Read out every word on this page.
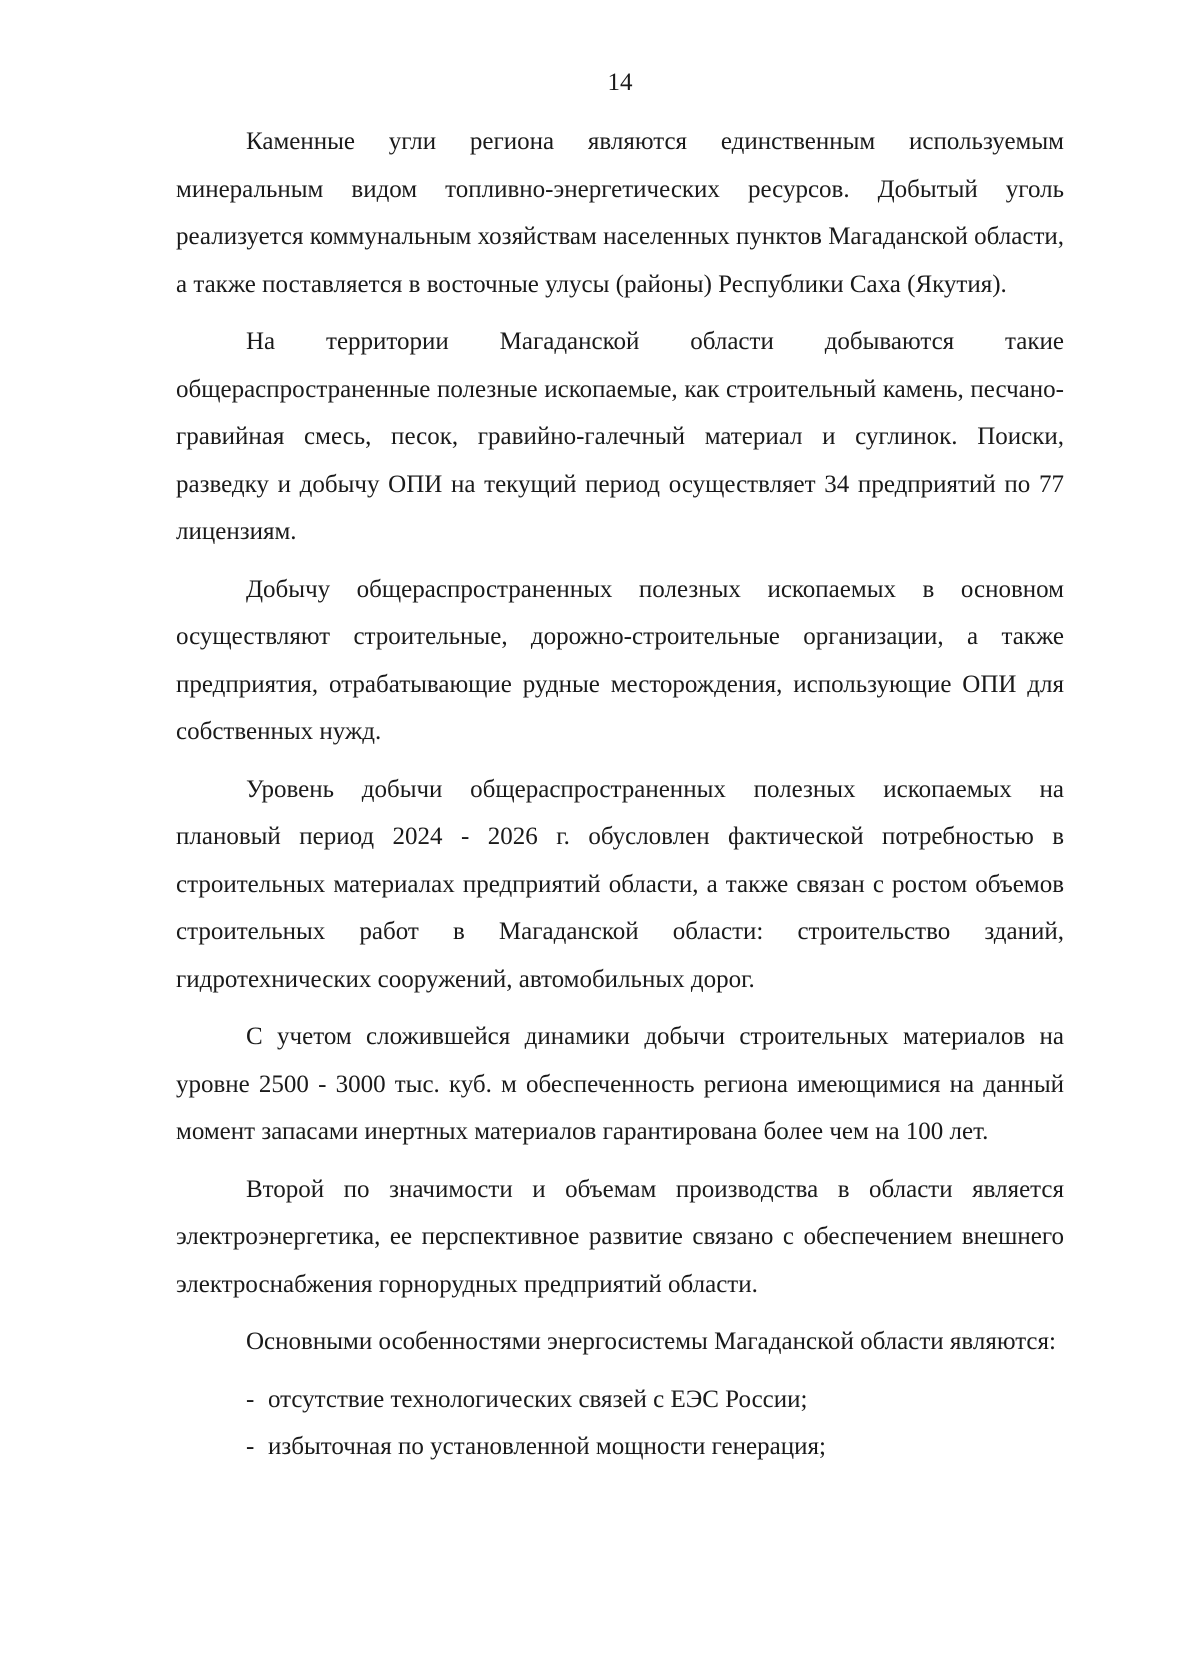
14

Каменные угли региона являются единственным используемым минеральным видом топливно-энергетических ресурсов. Добытый уголь реализуется коммунальным хозяйствам населенных пунктов Магаданской области, а также поставляется в восточные улусы (районы) Республики Саха (Якутия).

На территории Магаданской области добываются такие общераспространенные полезные ископаемые, как строительный камень, песчано-гравийная смесь, песок, гравийно-галечный материал и суглинок. Поиски, разведку и добычу ОПИ на текущий период осуществляет 34 предприятий по 77 лицензиям.

Добычу общераспространенных полезных ископаемых в основном осуществляют строительные, дорожно-строительные организации, а также предприятия, отрабатывающие рудные месторождения, использующие ОПИ для собственных нужд.

Уровень добычи общераспространенных полезных ископаемых на плановый период 2024 - 2026 г. обусловлен фактической потребностью в строительных материалах предприятий области, а также связан с ростом объемов строительных работ в Магаданской области: строительство зданий, гидротехнических сооружений, автомобильных дорог.

С учетом сложившейся динамики добычи строительных материалов на уровне 2500 - 3000 тыс. куб. м обеспеченность региона имеющимися на данный момент запасами инертных материалов гарантирована более чем на 100 лет.

Второй по значимости и объемам производства в области является электроэнергетика, ее перспективное развитие связано с обеспечением внешнего электроснабжения горнорудных предприятий области.

Основными особенностями энергосистемы Магаданской области являются:

- отсутствие технологических связей с ЕЭС России;

- избыточная по установленной мощности генерация;
